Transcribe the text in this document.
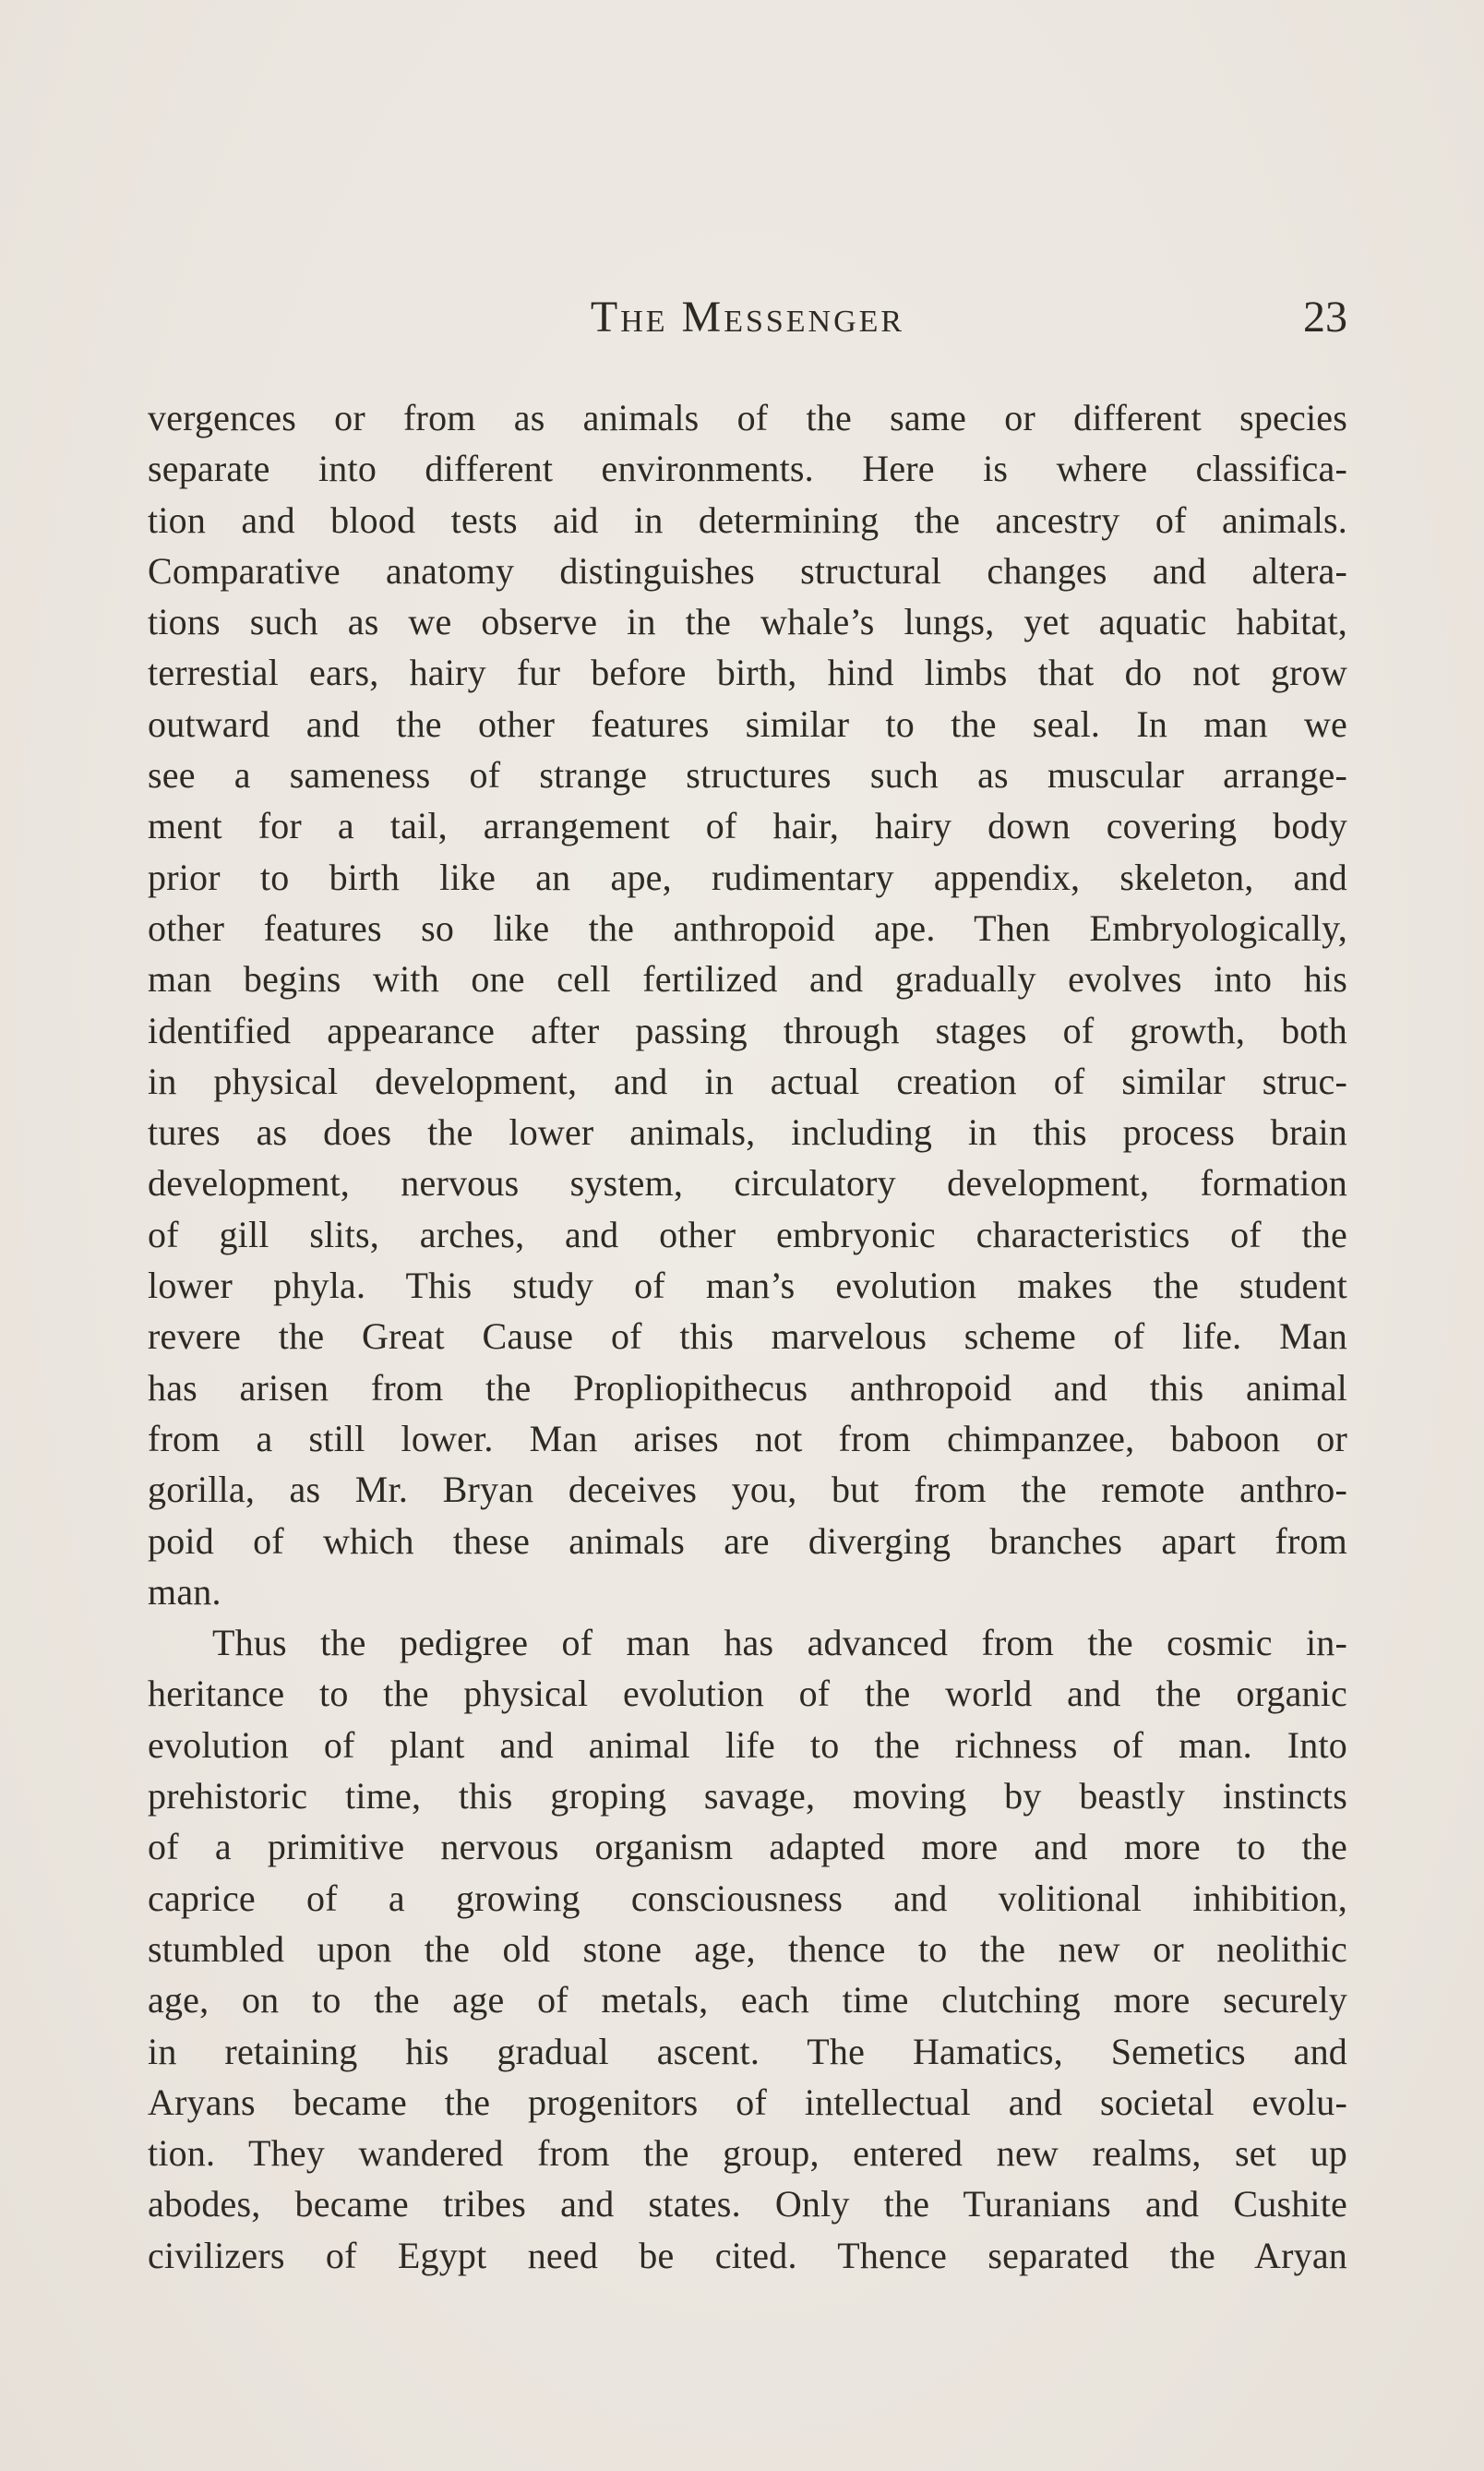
The Messenger	23
vergences or from as animals of the same or different species
separate into different environments. Here is where classifica-
tion and blood tests aid in determining the ancestry of animals.
Comparative anatomy distinguishes structural changes and altera-
tions such as we observe in the whale’s lungs, yet aquatic habitat,
terrestial ears, hairy fur before birth, hind limbs that do not grow
outward and the other features similar to the seal. In man we
see a sameness of strange structures such as muscular arrange-
ment for a tail, arrangement of hair, hairy down covering body
prior to birth like an ape, rudimentary appendix, skeleton, and
other features so like the anthropoid ape. Then Embryologically,
man begins with one cell fertilized and gradually evolves into his
identified appearance after passing through stages of growth, both
in physical development, and in actual creation of similar struc-
tures as does the lower animals, including in this process brain
development, nervous system, circulatory development, formation
of gill slits, arches, and other embryonic characteristics of the
lower phyla. This study of man’s evolution makes the student
revere the Great Cause of this marvelous scheme of life. Man
has arisen from the Propliopithecus anthropoid and this animal
from a still lower. Man arises not from chimpanzee, baboon or
gorilla, as Mr. Bryan deceives you, but from the remote anthro-
poid of which these animals are diverging branches apart from
man.
Thus the pedigree of man has advanced from the cosmic in-
heritance to the physical evolution of the world and the organic
evolution of plant and animal life to the richness of man. Into
prehistoric time, this groping savage, moving by beastly instincts
of a primitive nervous organism adapted more and more to the
caprice of a growing consciousness and volitional inhibition,
stumbled upon the old stone age, thence to the new or neolithic
age, on to the age of metals, each time clutching more securely
in retaining his gradual ascent. The Hamatics, Semetics and
Aryans became the progenitors of intellectual and societal evolu-
tion. They wandered from the group, entered new realms, set up
abodes, became tribes and states. Only the Turanians and Cushite
civilizers of Egypt need be cited. Thence separated the Aryan
